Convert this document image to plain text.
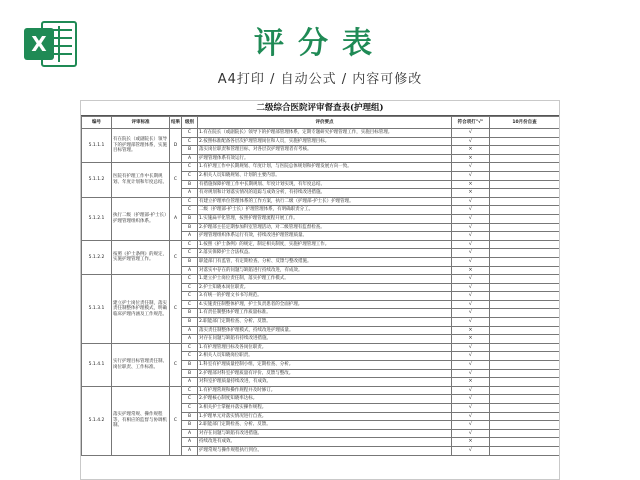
X	评分表
A4打印 / 自动公式 / 内容可修改
二级综合医院评审督查表(护理组)
编号	评审标准	结果	级别	评价要点	符合项打"√"	10月份自查
5.1.1.1	有在院长（或副院长）领导下的护理部管理体系，实施目标管理。	D	C	1.有在院长（或副院长）领导下的护理部管理体系，定期专题研究护理管理工作，实施目标管理。	√	
			C	2.按照标准配备各层次护理管理岗位和人员，实施护理管理目标。	√	
			B	落实岗位职责和管理目标，对各层次护理管理者有考核。	×	
			A	护理管理体系有效运行。	×	
5.1.1.2	医院有护理工作中长期规划、年度计划和年度总结。	C	C	1.有护理工作中长期规划、年度计划，与医院总体规划和护理发展方向一致。	√	
			C	2.相关人员知晓规划、计划的主要内容。	√	
			B	有措施保障护理工作中长期规划、年度计划实现，有年度总结。	×	
			A	有对规划和计划落实情况的追踪与成效分析，有持续改进措施。	×	
5.1.2.1	执行二级（护理部-护士长）护理管理组织体系。	A	C	有建立护理单位管理体系的工作方案，执行二级（护理部-护士长）护理管理。	√	
			C	二级（护理部-护士长）护理管理体系，有明确职责分工。	√	
			B	1.实施扁平化管理，按照护理管理流程开展工作。	√	
			B	2.护理部主任定期参加科室管理活动，对二级管理有监督检查。	√	
			A	护理管理组织体系运行有效，持续改进护理管理质量。	√	
5.1.2.2	按照《护士条例》的规定，实施护理管理工作。	C	C	1.按照《护士条例》的规定，制定相关制度，实施护理管理工作。	√	
			C	2.落实保障护士合法权益。	√	
			B	职能部门有监管，有定期检查、分析、反馈与整改措施。	√	
			A	对落实中存在的问题与缺陷进行持续改进，有成效。	×	
5.1.3.1	建立护士岗位责任制，落实责任制整体护理模式，明确临床护理内涵及工作规范。	C	C	1.建立护士岗位责任制，落实护理工作模式。	√	
			C	2.护士知晓本岗位职责。	√	
			C	3.有统一的护理文书书写规范。	√	
			C	4.实施责任制整体护理，护士负责患者的全面护理。	√	
			B	1.有责任制整体护理工作质量标准。	√	
			B	2.职能部门定期检查、分析、反馈。	√	
			A	落实责任制整体护理模式，持续改进护理质量。	×	
			A	对存在问题与缺陷有持续改进措施。	×	
5.1.4.1	实行护理目标管理责任制、岗位职责、工作标准。	C	C	1.有护理管理目标及各岗位职责。	√	
			C	2.相关人员知晓岗位职责。	√	
			B	1.科室有护理质量控制小组，定期检查、分析。	√	
			B	2.护理部对科室护理质量有评价、反馈与整改。	√	
			A	对科室护理质量持续改进，有成效。	×	
5.1.4.2	落实护理常规、操作规程等，有相应的监督与协调机制。	C	C	1.有护理常规和操作规程并及时修订。	√	
			C	2.护理核心制度知晓率达标。	√	
			C	3.相关护士掌握并落实操作规程。	√	
			B	1.护理单元对落实情况进行自查。	√	
			B	2.职能部门定期检查、分析、反馈。	√	
			A	对存在问题与缺陷有改进措施。	√	
			A	持续改进有成效。	×	
			A	护理常规与操作规程执行到位。	√	
